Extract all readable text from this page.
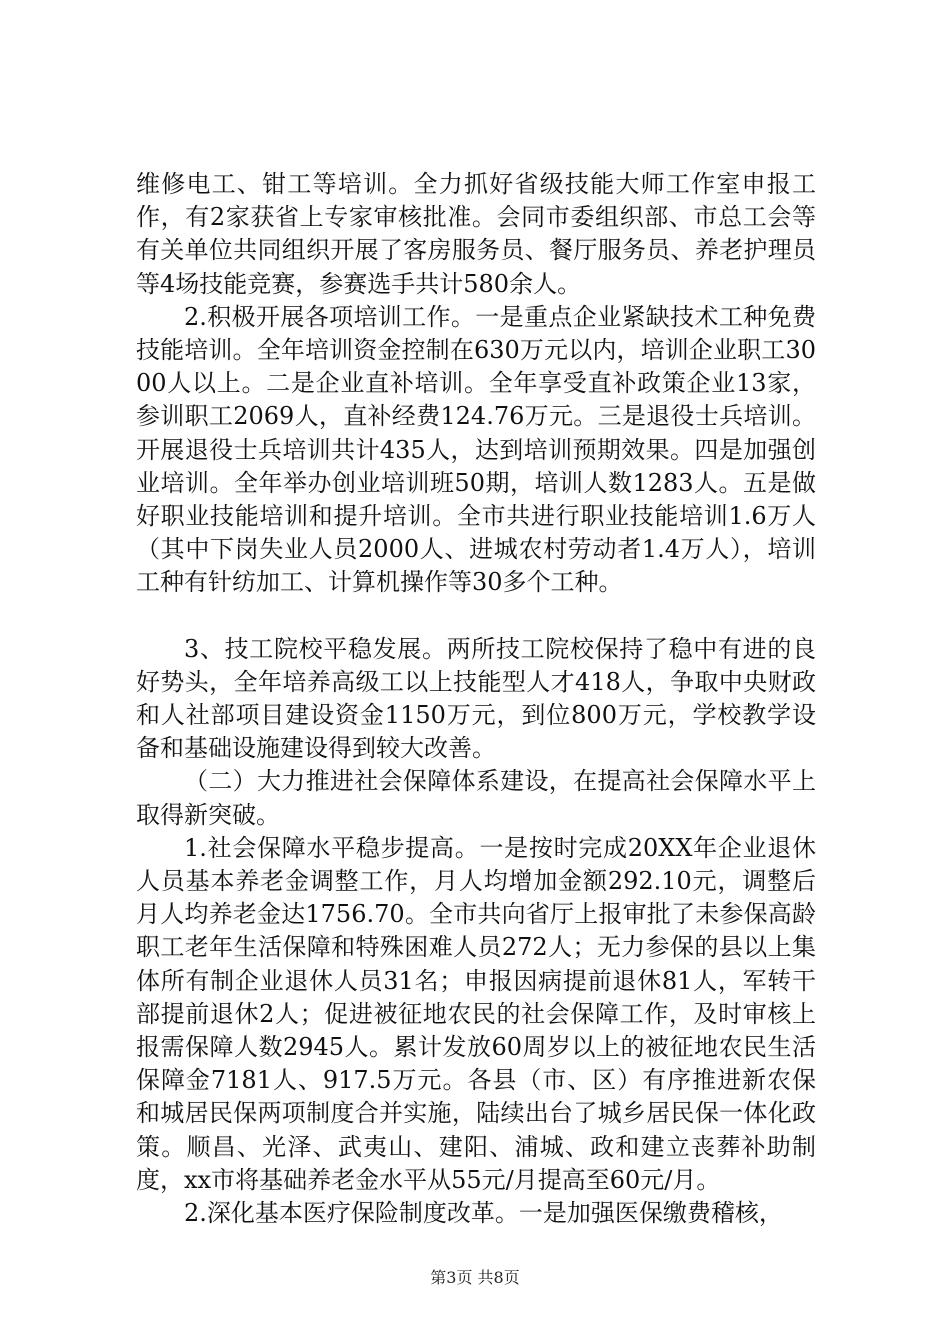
维修电工、钳工等培训。全力抓好省级技能大师工作室申报工作，有2家获省上专家审核批准。会同市委组织部、市总工会等有关单位共同组织开展了客房服务员、餐厅服务员、养老护理员等4场技能竞赛，参赛选手共计580余人。

2.积极开展各项培训工作。一是重点企业紧缺技术工种免费技能培训。全年培训资金控制在630万元以内，培训企业职工3000人以上。二是企业直补培训。全年享受直补政策企业13家，参训职工2069人，直补经费124.76万元。三是退役士兵培训。开展退役士兵培训共计435人，达到培训预期效果。四是加强创业培训。全年举办创业培训班50期，培训人数1283人。五是做好职业技能培训和提升培训。全市共进行职业技能培训1.6万人（其中下岗失业人员2000人、进城农村劳动者1.4万人），培训工种有针纺加工、计算机操作等30多个工种。

3、技工院校平稳发展。两所技工院校保持了稳中有进的良好势头，全年培养高级工以上技能型人才418人，争取中央财政和人社部项目建设资金1150万元，到位800万元，学校教学设备和基础设施建设得到较大改善。

（二）大力推进社会保障体系建设，在提高社会保障水平上取得新突破。

1.社会保障水平稳步提高。一是按时完成20XX年企业退休人员基本养老金调整工作，月人均增加金额292.10元，调整后月人均养老金达1756.70。全市共向省厅上报审批了未参保高龄职工老年生活保障和特殊困难人员272人；无力参保的县以上集体所有制企业退休人员31名；申报因病提前退休81人，军转干部提前退休2人；促进被征地农民的社会保障工作，及时审核上报需保障人数2945人。累计发放60周岁以上的被征地农民生活保障金7181人、917.5万元。各县（市、区）有序推进新农保和城居民保两项制度合并实施，陆续出台了城乡居民保一体化政策。顺昌、光泽、武夷山、建阳、浦城、政和建立丧葬补助制度，xx市将基础养老金水平从55元/月提高至60元/月。

2.深化基本医疗保险制度改革。一是加强医保缴费稽核，

第3页 共8页
